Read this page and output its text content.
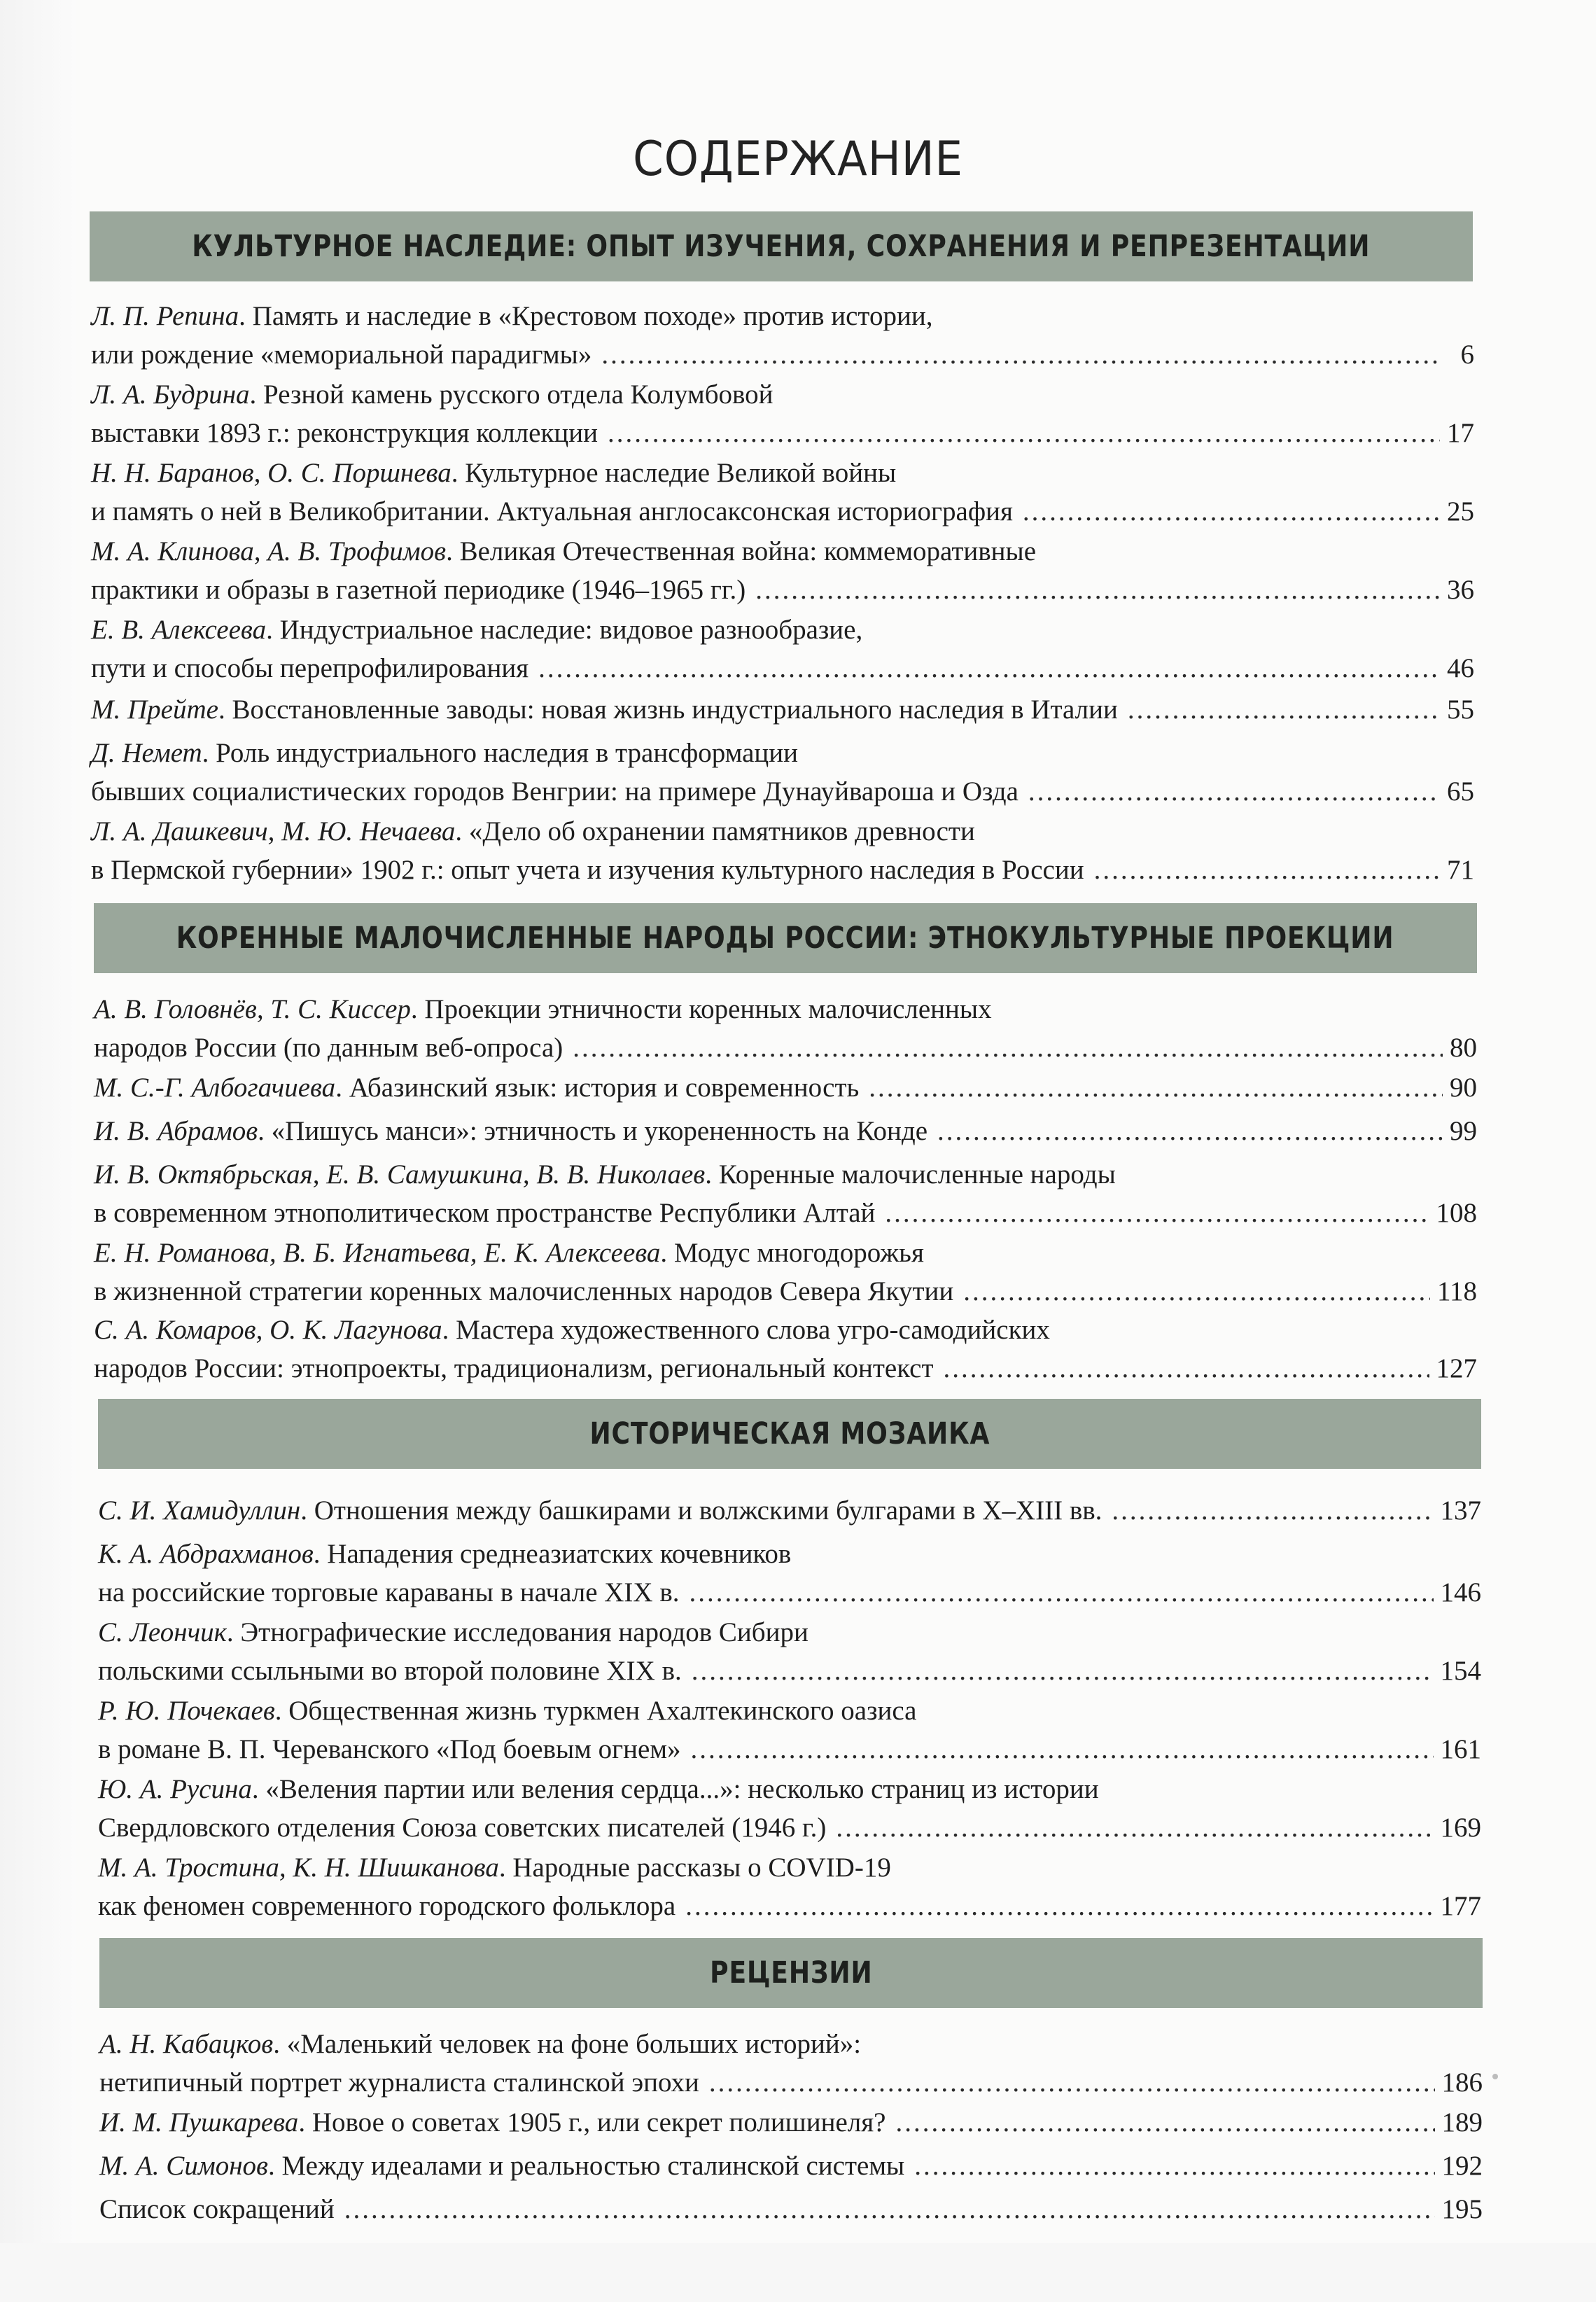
СОДЕРЖАНИЕ
КУЛЬТУРНОЕ НАСЛЕДИЕ: ОПЫТ ИЗУЧЕНИЯ, СОХРАНЕНИЯ И РЕПРЕЗЕНТАЦИИ
Л. П. Репина. Память и наследие в «Крестовом походе» против истории,
или рождение «мемориальной парадигмы» .....	6
Л. А. Будрина. Резной камень русского отдела Колумбовой
выставки 1893 г.: реконструкция коллекции .....	17
Н. Н. Баранов, О. С. Поршнева. Культурное наследие Великой войны
и память о ней в Великобритании. Актуальная англосаксонская историография .....	25
М. А. Клинова, А. В. Трофимов. Великая Отечественная война: коммеморативные
практики и образы в газетной периодике (1946–1965 гг.) .....	36
Е. В. Алексеева. Индустриальное наследие: видовое разнообразие,
пути и способы перепрофилирования .....	46
М. Прейте . Восстановленные заводы: новая жизнь индустриального наследия в Италии .....	55
Д. Немет. Роль индустриального наследия в трансформации
бывших социалистических городов Венгрии: на примере Дунауйвароша и Озда .....	65
Л. А. Дашкевич, М. Ю. Нечаева. «Дело об охранении памятников древности
в Пермской губернии» 1902 г.: опыт учета и изучения культурного наследия в России .....	71
КОРЕННЫЕ МАЛОЧИСЛЕННЫЕ НАРОДЫ РОССИИ: ЭТНОКУЛЬТУРНЫЕ ПРОЕКЦИИ
А. В. Головнёв, Т. С. Киссер. Проекции этничности коренных малочисленных
народов России (по данным веб-опроса) .....	80
М. С.-Г. Албогачиева . Абазинский язык: история и современность .....	90
И. В. Абрамов . «Пишусь манси»: этничность и укорененность на Конде .....	99
И. В. Октябрьская, Е. В. Самушкина, В. В. Николаев. Коренные малочисленные народы
в современном этнополитическом пространстве Республики Алтай .....	108
Е. Н. Романова, В. Б. Игнатьева, Е. К. Алексеева. Модус многодорожья
в жизненной стратегии коренных малочисленных народов Севера Якутии .....	118
С. А. Комаров, О. К. Лагунова. Мастера художественного слова угро-самодийских
народов России: этнопроекты, традиционализм, региональный контекст .....	127
ИСТОРИЧЕСКАЯ МОЗАИКА
С. И. Хамидуллин . Отношения между башкирами и волжскими булгарами в X–XIII вв. .....	137
К. А. Абдрахманов. Нападения среднеазиатских кочевников
на российские торговые караваны в начале XIX в. .....	146
С. Леончик. Этнографические исследования народов Сибири
польскими ссыльными во второй половине XIX в. .....	154
Р. Ю. Почекаев. Общественная жизнь туркмен Ахалтекинского оазиса
в романе В. П. Череванского «Под боевым огнем» .....	161
Ю. А. Русина. «Веления партии или веления сердца...»: несколько страниц из истории
Свердловского отделения Союза советских писателей (1946 г.) .....	169
М. А. Тростина, К. Н. Шишканова. Народные рассказы о COVID-19
как феномен современного городского фольклора .....	177
РЕЦЕНЗИИ
А. Н. Кабацков. «Маленький человек на фоне больших историй»:
нетипичный портрет журналиста сталинской эпохи .....	186
И. М. Пушкарева . Новое о советах 1905 г., или секрет полишинеля? .....	189
М. А. Симонов . Между идеалами и реальностью сталинской системы .....	192
Список сокращений .....	195
